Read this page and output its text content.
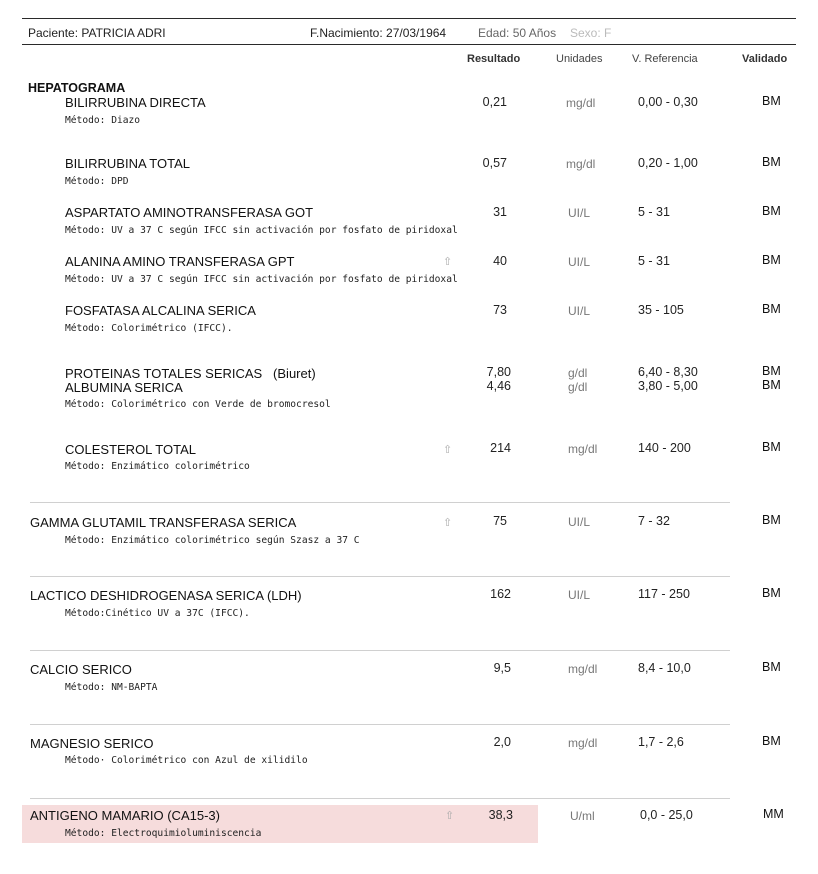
Paciente: PATRICIA ADRI	F.Nacimiento: 27/03/1964	Edad: 50 Años Sexo: F
Resultado	Unidades	V. Referencia	Validado
HEPATOGRAMA
BILIRRUBINA DIRECTA
Método: Diazo
0,21	mg/dl	0,00 - 0,30	BM
BILIRRUBINA TOTAL
Método: DPD
0,57	mg/dl	0,20 - 1,00	BM
ASPARTATO AMINOTRANSFERASA GOT
Método: UV a 37 C según IFCC sin activación por fosfato de piridoxal
31	UI/L	5 - 31	BM
ALANINA AMINO TRANSFERASA GPT
Método: UV a 37 C según IFCC sin activación por fosfato de piridoxal
⇧	40	UI/L	5 - 31	BM
FOSFATASA ALCALINA SERICA
Método: Colorimétrico (IFCC).
73	UI/L	35 - 105	BM
PROTEINAS TOTALES SERICAS   (Biuret)	7,80	g/dl	6,40 - 8,30	BM
ALBUMINA SERICA
Método: Colorimétrico con Verde de bromocresol
4,46	g/dl	3,80 - 5,00	BM
COLESTEROL TOTAL
Método: Enzimático colorimétrico
⇧	214	mg/dl	140 - 200	BM
GAMMA GLUTAMIL TRANSFERASA SERICA
Método: Enzimático colorimétrico según Szasz a 37 C
⇧	75	UI/L	7 - 32	BM
LACTICO DESHIDROGENASA SERICA (LDH)
Método:Cinético UV a 37C (IFCC).
162	UI/L	117 - 250	BM
CALCIO SERICO
Método: NM-BAPTA
9,5	mg/dl	8,4 - 10,0	BM
MAGNESIO SERICO
Método· Colorimétrico con Azul de xilidilo
2,0	mg/dl	1,7 - 2,6	BM
ANTIGENO MAMARIO (CA15-3)
Método: Electroquimioluminiscencia
⇧	38,3	U/ml	0,0 - 25,0	MM
